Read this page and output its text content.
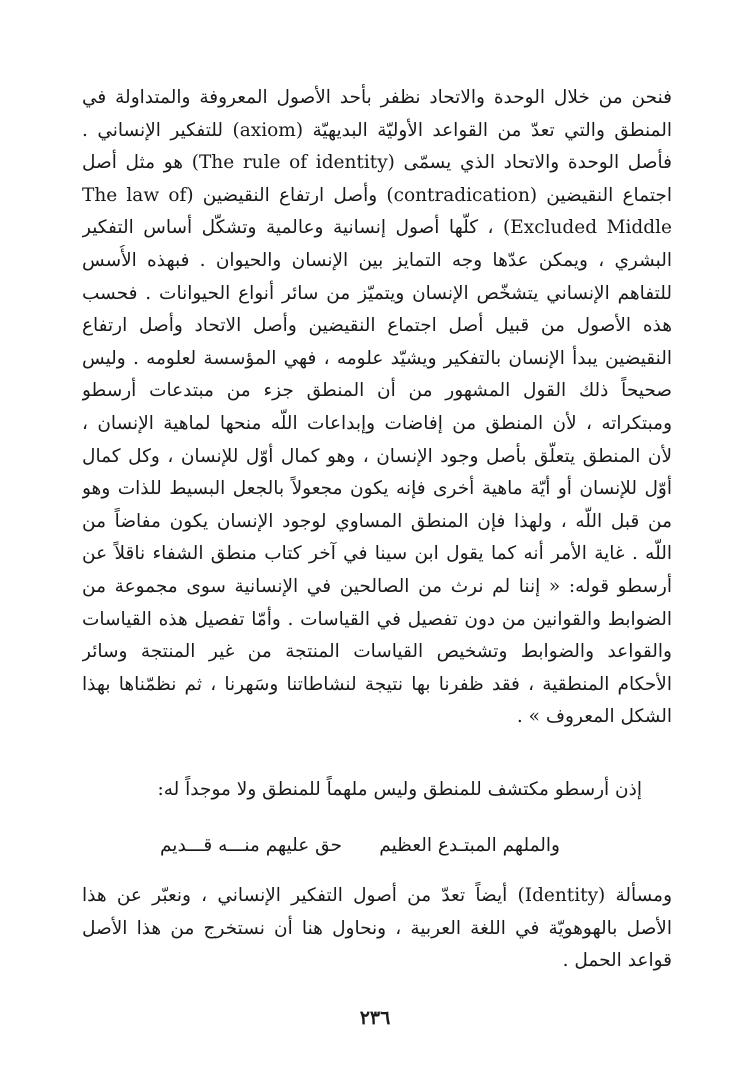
فنحن من خلال الوحدة والاتحاد نظفر بأحد الأصول المعروفة والمتداولة في
المنطق والتي تعدّ من القواعد الأوليّة البديهيّة (axiom) للتفكير الإنساني .
فأصل الوحدة والاتحاد الذي يسمّى (The rule of identity) هو مثل أصل
اجتماع النقيضين (contradication) وأصل ارتفاع النقيضين (The law of
Excluded Middle) ، كلّها أصول إنسانية وعالمية وتشكّل أساس التفكير
البشري ، ويمكن عدّها وجه التمايز بين الإنسان والحيوان . فبهذه الأُسس
للتفاهم الإنساني يتشخّص الإنسان ويتميّز من سائر أنواع الحيوانات . فحسب
هذه الأصول من قبيل أصل اجتماع النقيضين وأصل الاتحاد وأصل ارتفاع
النقيضين يبدأ الإنسان بالتفكير ويشيّد علومه ، فهي المؤسسة لعلومه . وليس
صحيحاً ذلك القول المشهور من أن المنطق جزء من مبتدعات أرسطو
ومبتكراته ، لأن المنطق من إفاضات وإبداعات اللّه منحها لماهية الإنسان ،
لأن المنطق يتعلّق بأصل وجود الإنسان ، وهو كمال أوّل للإنسان ، وكل كمال
أوّل للإنسان أو أيّة ماهية أخرى فإنه يكون مجعولاً بالجعل البسيط للذات وهو
من قبل اللّه ، ولهذا فإن المنطق المساوي لوجود الإنسان يكون مفاضاً من
اللّه . غاية الأمر أنه كما يقول ابن سينا في آخر كتاب منطق الشفاء ناقلاً عن
أرسطو قوله: « إننا لم نرث من الصالحين في الإنسانية سوى مجموعة من
الضوابط والقوانين من دون تفصيل في القياسات . وأمّا تفصيل هذه القياسات
والقواعد والضوابط وتشخيص القياسات المنتجة من غير المنتجة وسائر
الأحكام المنطقية ، فقد ظفرنا بها نتيجة لنشاطاتنا وسَهرنا ، ثم نظمّناها بهذا
الشكل المعروف » .
إذن أرسطو مكتشف للمنطق وليس ملهماً للمنطق ولا موجداً له:
والملهم المبتـدع العظيم
حق عليهم منـــه قـــديم
ومسألة (Identity) أيضاً تعدّ من أصول التفكير الإنساني ، ونعبّر عن هذا
الأصل بالهوهويّة في اللغة العربية ، ونحاول هنا أن نستخرج من هذا الأصل
قواعد الحمل .
٢٣٦
